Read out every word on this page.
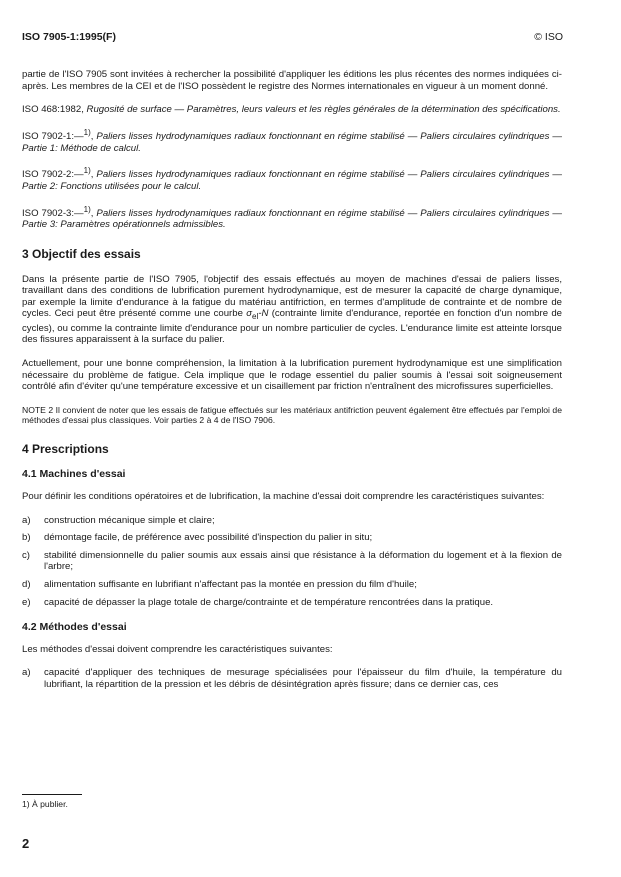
ISO 7905-1:1995(F)	© ISO

partie de l'ISO 7905 sont invitées à rechercher la possibilité d'appliquer les éditions les plus récentes des normes indiquées ci-après. Les membres de la CEI et de l'ISO possèdent le registre des Normes internationales en vigueur à un moment donné.

ISO 468:1982, Rugosité de surface — Paramètres, leurs valeurs et les règles générales de la détermination des spécifications.

ISO 7902-1:—$^{1)}$, Paliers lisses hydrodynamiques radiaux fonctionnant en régime stabilisé — Paliers circulaires cylindriques — Partie 1: Méthode de calcul.

ISO 7902-2:—$^{1)}$, Paliers lisses hydrodynamiques radiaux fonctionnant en régime stabilisé — Paliers circulaires cylindriques — Partie 2: Fonctions utilisées pour le calcul.

ISO 7902-3:—$^{1)}$, Paliers lisses hydrodynamiques radiaux fonctionnant en régime stabilisé — Paliers circulaires cylindriques — Partie 3: Paramètres opérationnels admissibles.

3 Objectif des essais

Dans la présente partie de l'ISO 7905, l'objectif des essais effectués au moyen de machines d'essai de paliers lisses, travaillant dans des conditions de lubrification purement hydrodynamique, est de mesurer la capacité de charge dynamique, par exemple la limite d'endurance à la fatigue du matériau antifriction, en termes d'amplitude de contrainte et de nombre de cycles. Ceci peut être présenté comme une courbe $\sigma_{el}-N$ (contrainte limite d'endurance, reportée en fonction d'un nombre de cycles), ou comme la contrainte limite d'endurance pour un nombre particulier de cycles. L'endurance limite est atteinte lorsque des fissures apparaissent à la surface du palier.

Actuellement, pour une bonne compréhension, la limitation à la lubrification purement hydrodynamique est une simplification nécessaire du problème de fatigue. Cela implique que le rodage essentiel du palier soumis à l'essai soit soigneusement contrôlé afin d'éviter qu'une température excessive et un cisaillement par friction n'entraînent des microfissures superficielles.

NOTE 2 Il convient de noter que les essais de fatigue effectués sur les matériaux antifriction peuvent également être effectués par l'emploi de méthodes d'essai plus classiques. Voir parties 2 à 4 de l'ISO 7906.

4 Prescriptions
4.1 Machines d'essai

Pour définir les conditions opératoires et de lubrification, la machine d'essai doit comprendre les caractéristiques suivantes:

a)	construction mécanique simple et claire;
b)	démontage facile, de préférence avec possibilité d'inspection du palier in situ;
c)	stabilité dimensionnelle du palier soumis aux essais ainsi que résistance à la déformation du logement et à la flexion de l'arbre;
d)	alimentation suffisante en lubrifiant n'affectant pas la montée en pression du film d'huile;
e)	capacité de dépasser la plage totale de charge/contrainte et de température rencontrées dans la pratique.
4.2 Méthodes d'essai

Les méthodes d'essai doivent comprendre les caractéristiques suivantes:

a)	capacité d'appliquer des techniques de mesurage spécialisées pour l'épaisseur du film d'huile, la température du lubrifiant, la répartition de la pression et les débris de désintégration après fissure; dans ce dernier cas, ces
1) À publier.
2
